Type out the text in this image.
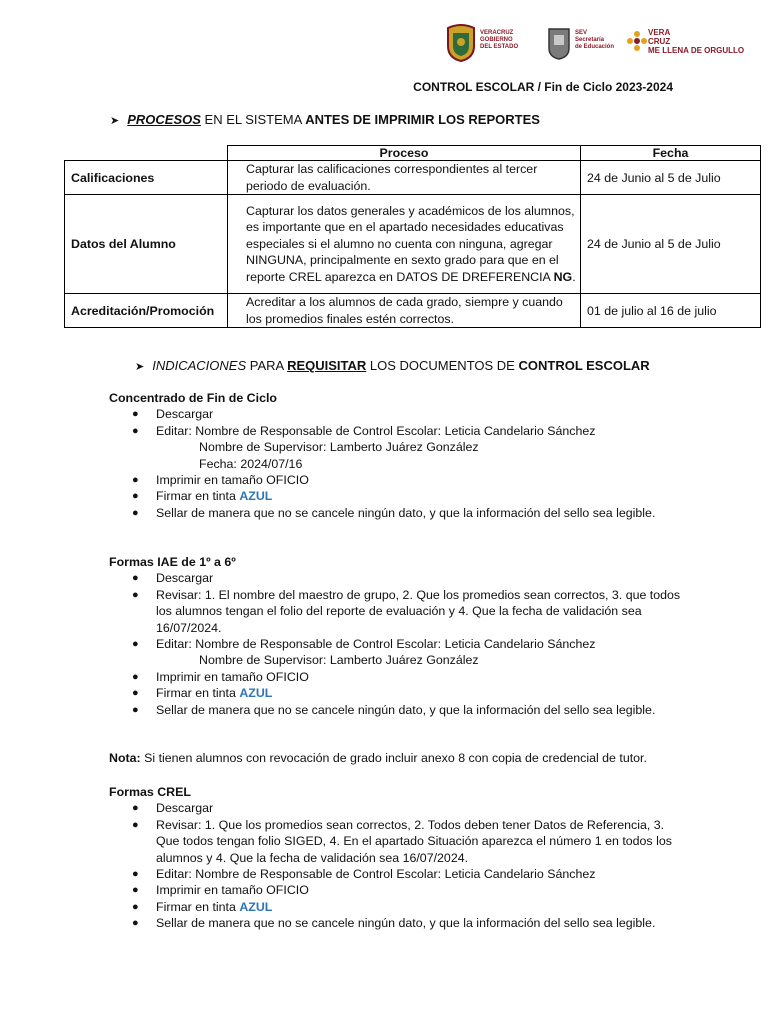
VERACRUZ
GOBIERNO
DEL ESTADO
SEV
Secretaría
de Educación
VERA
CRUZ
ME LLENA DE ORGULLO
CONTROL ESCOLAR / Fin de Ciclo 2023-2024
➤ PROCESOS EN EL SISTEMA ANTES DE IMPRIMIR LOS REPORTES
	Proceso	Fecha
Calificaciones	Capturar las calificaciones correspondientes al tercer periodo de evaluación.	24 de Junio al 5 de Julio
Datos del Alumno	Capturar los datos generales y académicos de los alumnos, es importante que en el apartado necesidades educativas especiales si el alumno no cuenta con ninguna, agregar NINGUNA, principalmente en sexto grado para que en el reporte CREL aparezca en DATOS DE DREFERENCIA NG.	24 de Junio al 5 de Julio
Acreditación/Promoción	Acreditar a los alumnos de cada grado, siempre y cuando los promedios finales estén correctos.	01 de julio al 16 de julio
➤ INDICACIONES PARA REQUISITAR LOS DOCUMENTOS DE CONTROL ESCOLAR
Concentrado de Fin de Ciclo
● Descargar
● Editar: Nombre de Responsable de Control Escolar: Leticia Candelario Sánchez
Nombre de Supervisor: Lamberto Juárez González
Fecha: 2024/07/16
● Imprimir en tamaño OFICIO
● Firmar en tinta AZUL
● Sellar de manera que no se cancele ningún dato, y que la información del sello sea legible.
Formas IAE de 1º a 6º
● Descargar
● Revisar: 1. El nombre del maestro de grupo, 2. Que los promedios sean correctos, 3. que todos los alumnos tengan el folio del reporte de evaluación y 4. Que la fecha de validación sea 16/07/2024.
● Editar: Nombre de Responsable de Control Escolar: Leticia Candelario Sánchez
Nombre de Supervisor: Lamberto Juárez González
● Imprimir en tamaño OFICIO
● Firmar en tinta AZUL
● Sellar de manera que no se cancele ningún dato, y que la información del sello sea legible.
Nota: Si tienen alumnos con revocación de grado incluir anexo 8 con copia de credencial de tutor.
Formas CREL
● Descargar
● Revisar: 1. Que los promedios sean correctos, 2. Todos deben tener Datos de Referencia, 3. Que todos tengan folio SIGED, 4. En el apartado Situación aparezca el número 1 en todos los alumnos y 4. Que la fecha de validación sea 16/07/2024.
● Editar: Nombre de Responsable de Control Escolar: Leticia Candelario Sánchez
● Imprimir en tamaño OFICIO
● Firmar en tinta AZUL
● Sellar de manera que no se cancele ningún dato, y que la información del sello sea legible.
